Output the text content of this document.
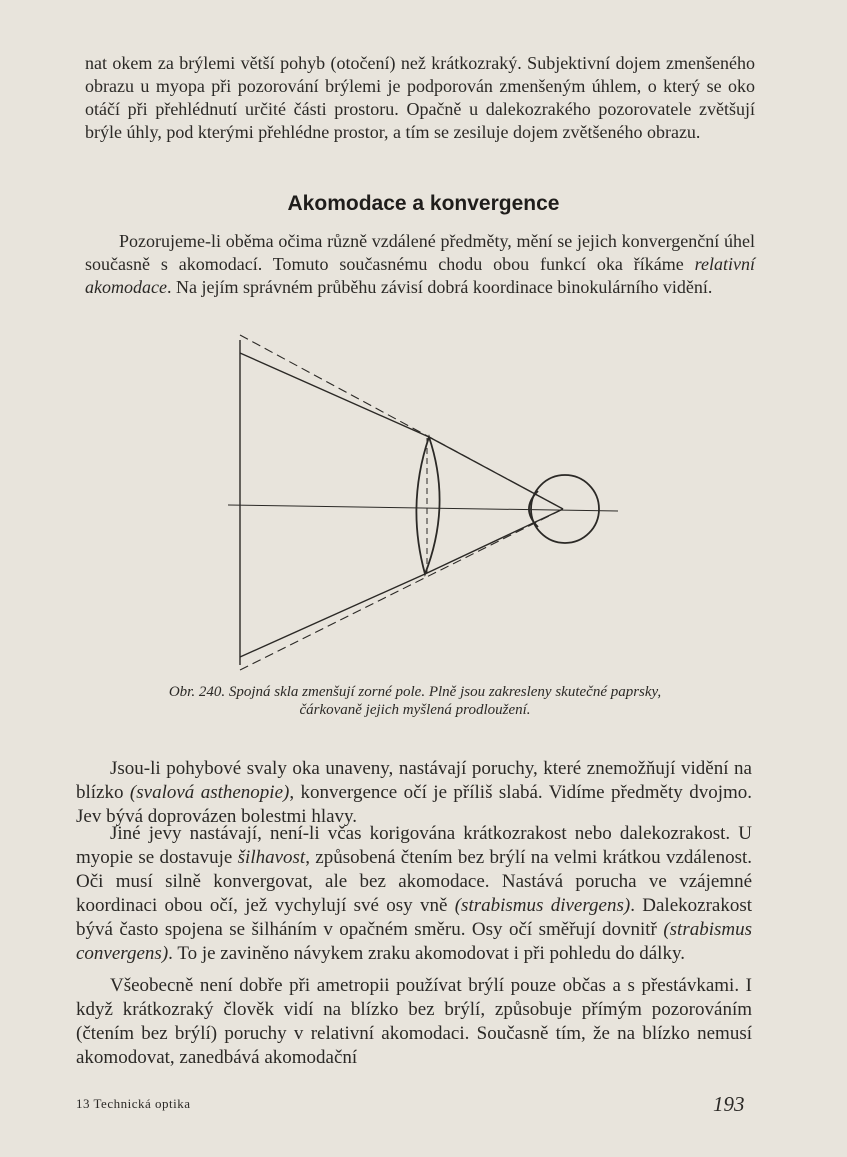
nat okem za brýlemi větší pohyb (otočení) než krátkozraký. Subjektivní dojem zmenšeného obrazu u myopa při pozorování brýlemi je podporován zmenšeným úhlem, o který se oko otáčí při přehlédnutí určité části prostoru. Opačně u dalekozrakého pozorovatele zvětšují brýle úhly, pod kterými přehlédne prostor, a tím se zesiluje dojem zvětšeného obrazu.

Akomodace a konvergence

Pozorujeme-li oběma očima různě vzdálené předměty, mění se jejich konvergenční úhel současně s akomodací. Tomuto současnému chodu obou funkcí oka říkáme relativní akomodace. Na jejím správném průběhu závisí dobrá koordinace binokulárního vidění.

Obr. 240. Spojná skla zmenšují zorné pole. Plně jsou zakresleny skutečné paprsky,
čárkovaně jejich myšlená prodloužení.

Jsou-li pohybové svaly oka unaveny, nastávají poruchy, které znemožňují vidění na blízko (svalová asthenopie), konvergence očí je příliš slabá. Vidíme předměty dvojmo. Jev bývá doprovázen bolestmi hlavy.

Jiné jevy nastávají, není-li včas korigována krátkozrakost nebo dalekozrakost. U myopie se dostavuje šilhavost, způsobená čtením bez brýlí na velmi krátkou vzdálenost. Oči musí silně konvergovat, ale bez akomodace. Nastává porucha ve vzájemné koordinaci obou očí, jež vychylují své osy vně (strabismus divergens). Dalekozrakost bývá často spojena se šilháním v opačném směru. Osy očí směřují dovnitř (strabismus convergens). To je zaviněno návykem zraku akomodovat i při pohledu do dálky.

Všeobecně není dobře při ametropii používat brýlí pouze občas a s přestávkami. I když krátkozraký člověk vidí na blízko bez brýlí, způsobuje přímým pozorováním (čtením bez brýlí) poruchy v relativní akomodaci. Současně tím, že na blízko nemusí akomodovat, zanedbává akomodační

13 Technická optika	193
